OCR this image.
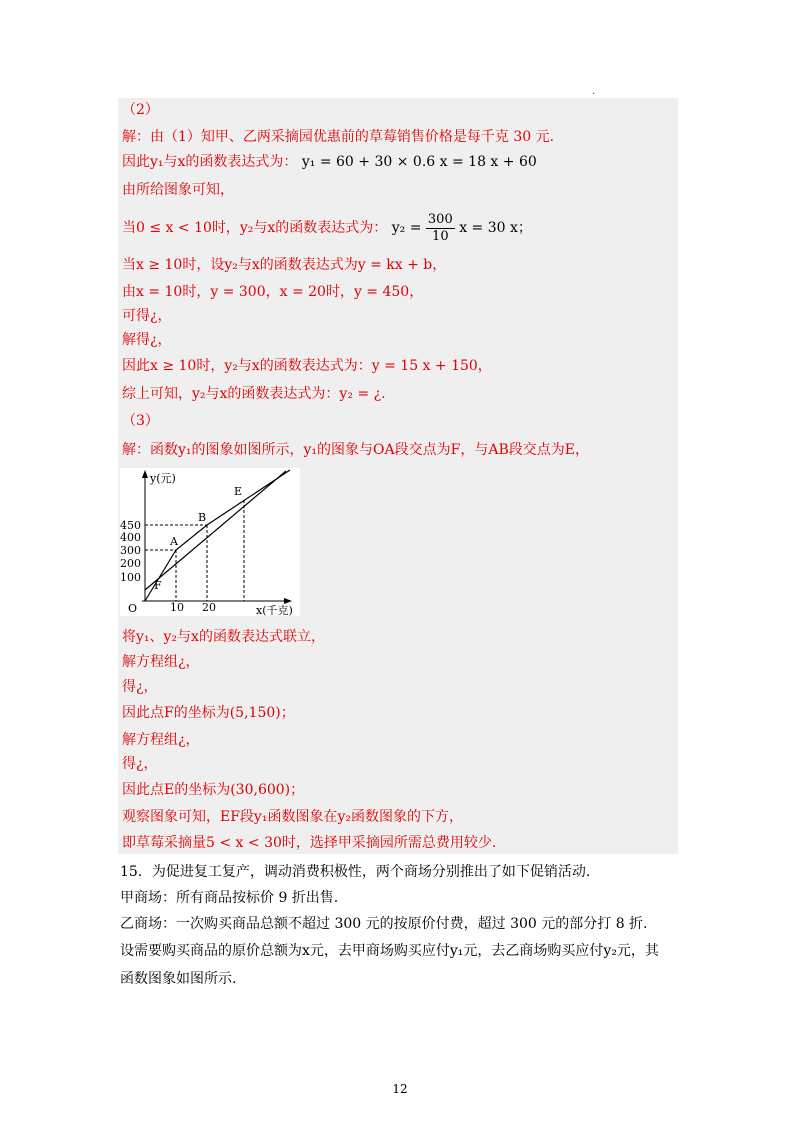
.
（2）
解：由（1）知甲、乙两采摘园优惠前的草莓销售价格是每千克 30 元.
因此y₁与x的函数表达式为： y₁ = 60 + 30 × 0.6 x = 18 x + 60
由所给图象可知，
当0 ≤ x < 10时，y₂与x的函数表达式为： $y_2 = \frac{300}{10}$ x = 30 x；
当x ≥ 10时，设y₂与x的函数表达式为y = kx + b，
由x = 10时，y = 300，x = 20时，y = 450，
可得¿，
解得¿，
因此x ≥ 10时，y₂与x的函数表达式为：y = 15 x + 150，
综上可知，y₂与x的函数表达式为：y₂ = ¿.
（3）
解：函数y₁的图象如图所示，y₁的图象与OA段交点为F，与AB段交点为E，
y(元)
x(千克)
O
450
400
300
200
100
10 20
A
B
E
F
将y₁、y₂与x的函数表达式联立，
解方程组¿，
得¿，
因此点F的坐标为(5,150)；
解方程组¿，
得¿，
因此点E的坐标为(30,600)；
观察图象可知，EF段y₁函数图象在y₂函数图象的下方，
即草莓采摘量5 < x < 30时，选择甲采摘园所需总费用较少.
15．为促进复工复产，调动消费积极性，两个商场分别推出了如下促销活动.
甲商场：所有商品按标价 9 折出售.
乙商场：一次购买商品总额不超过 300 元的按原价付费，超过 300 元的部分打 8 折.
设需要购买商品的原价总额为x元，去甲商场购买应付y₁元，去乙商场购买应付y₂元，其
函数图象如图所示.
12
